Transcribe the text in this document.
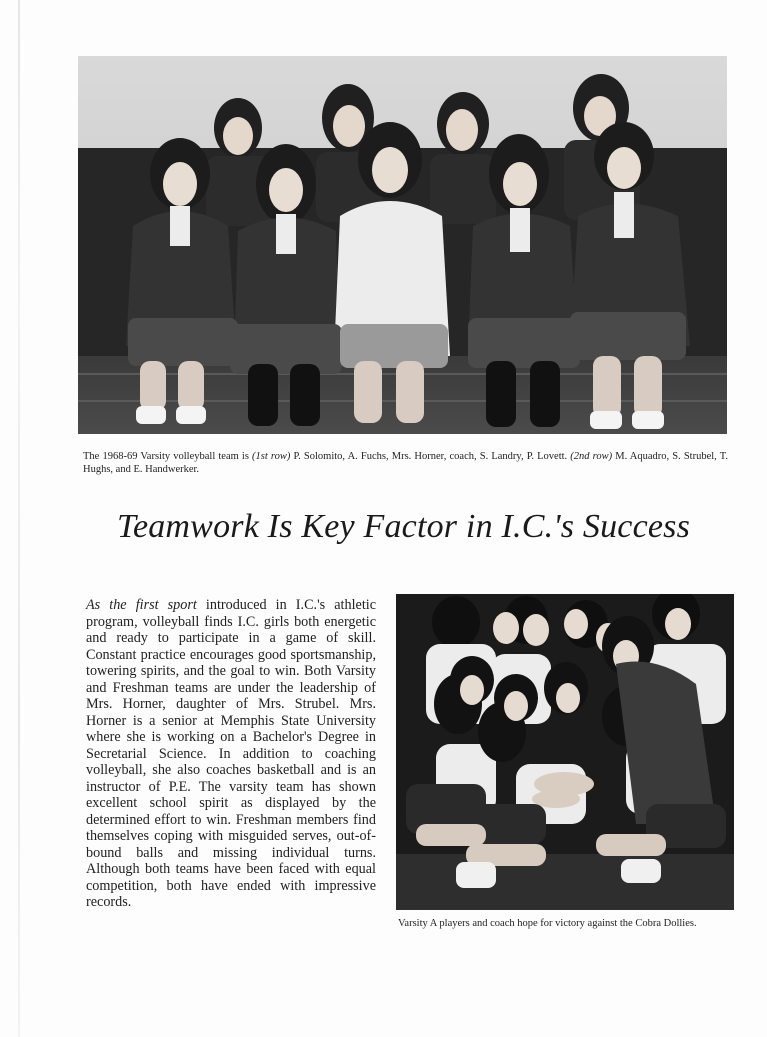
The 1968-69 Varsity volleyball team is (1st row) P. Solomito, A. Fuchs, Mrs. Horner, coach, S. Landry, P. Lovett. (2nd row) M. Aquadro, S. Strubel, T. Hughs, and E. Handwerker.

Teamwork Is Key Factor in I.C.'s Success

As the first sport introduced in I.C.'s athletic program, volleyball finds I.C. girls both energetic and ready to participate in a game of skill. Constant practice encourages good sportsmanship, towering spirits, and the goal to win. Both Varsity and Freshman teams are under the leadership of Mrs. Horner, daughter of Mrs. Strubel. Mrs. Horner is a senior at Memphis State University where she is working on a Bachelor's Degree in Secretarial Science. In addition to coaching volleyball, she also coaches basketball and is an instructor of P.E. The varsity team has shown excellent school spirit as displayed by the determined effort to win. Freshman members find themselves coping with misguided serves, out-of-bound balls and missing individual turns. Although both teams have been faced with equal competition, both have ended with impressive records.

Varsity A players and coach hope for victory against the Cobra Dollies.
